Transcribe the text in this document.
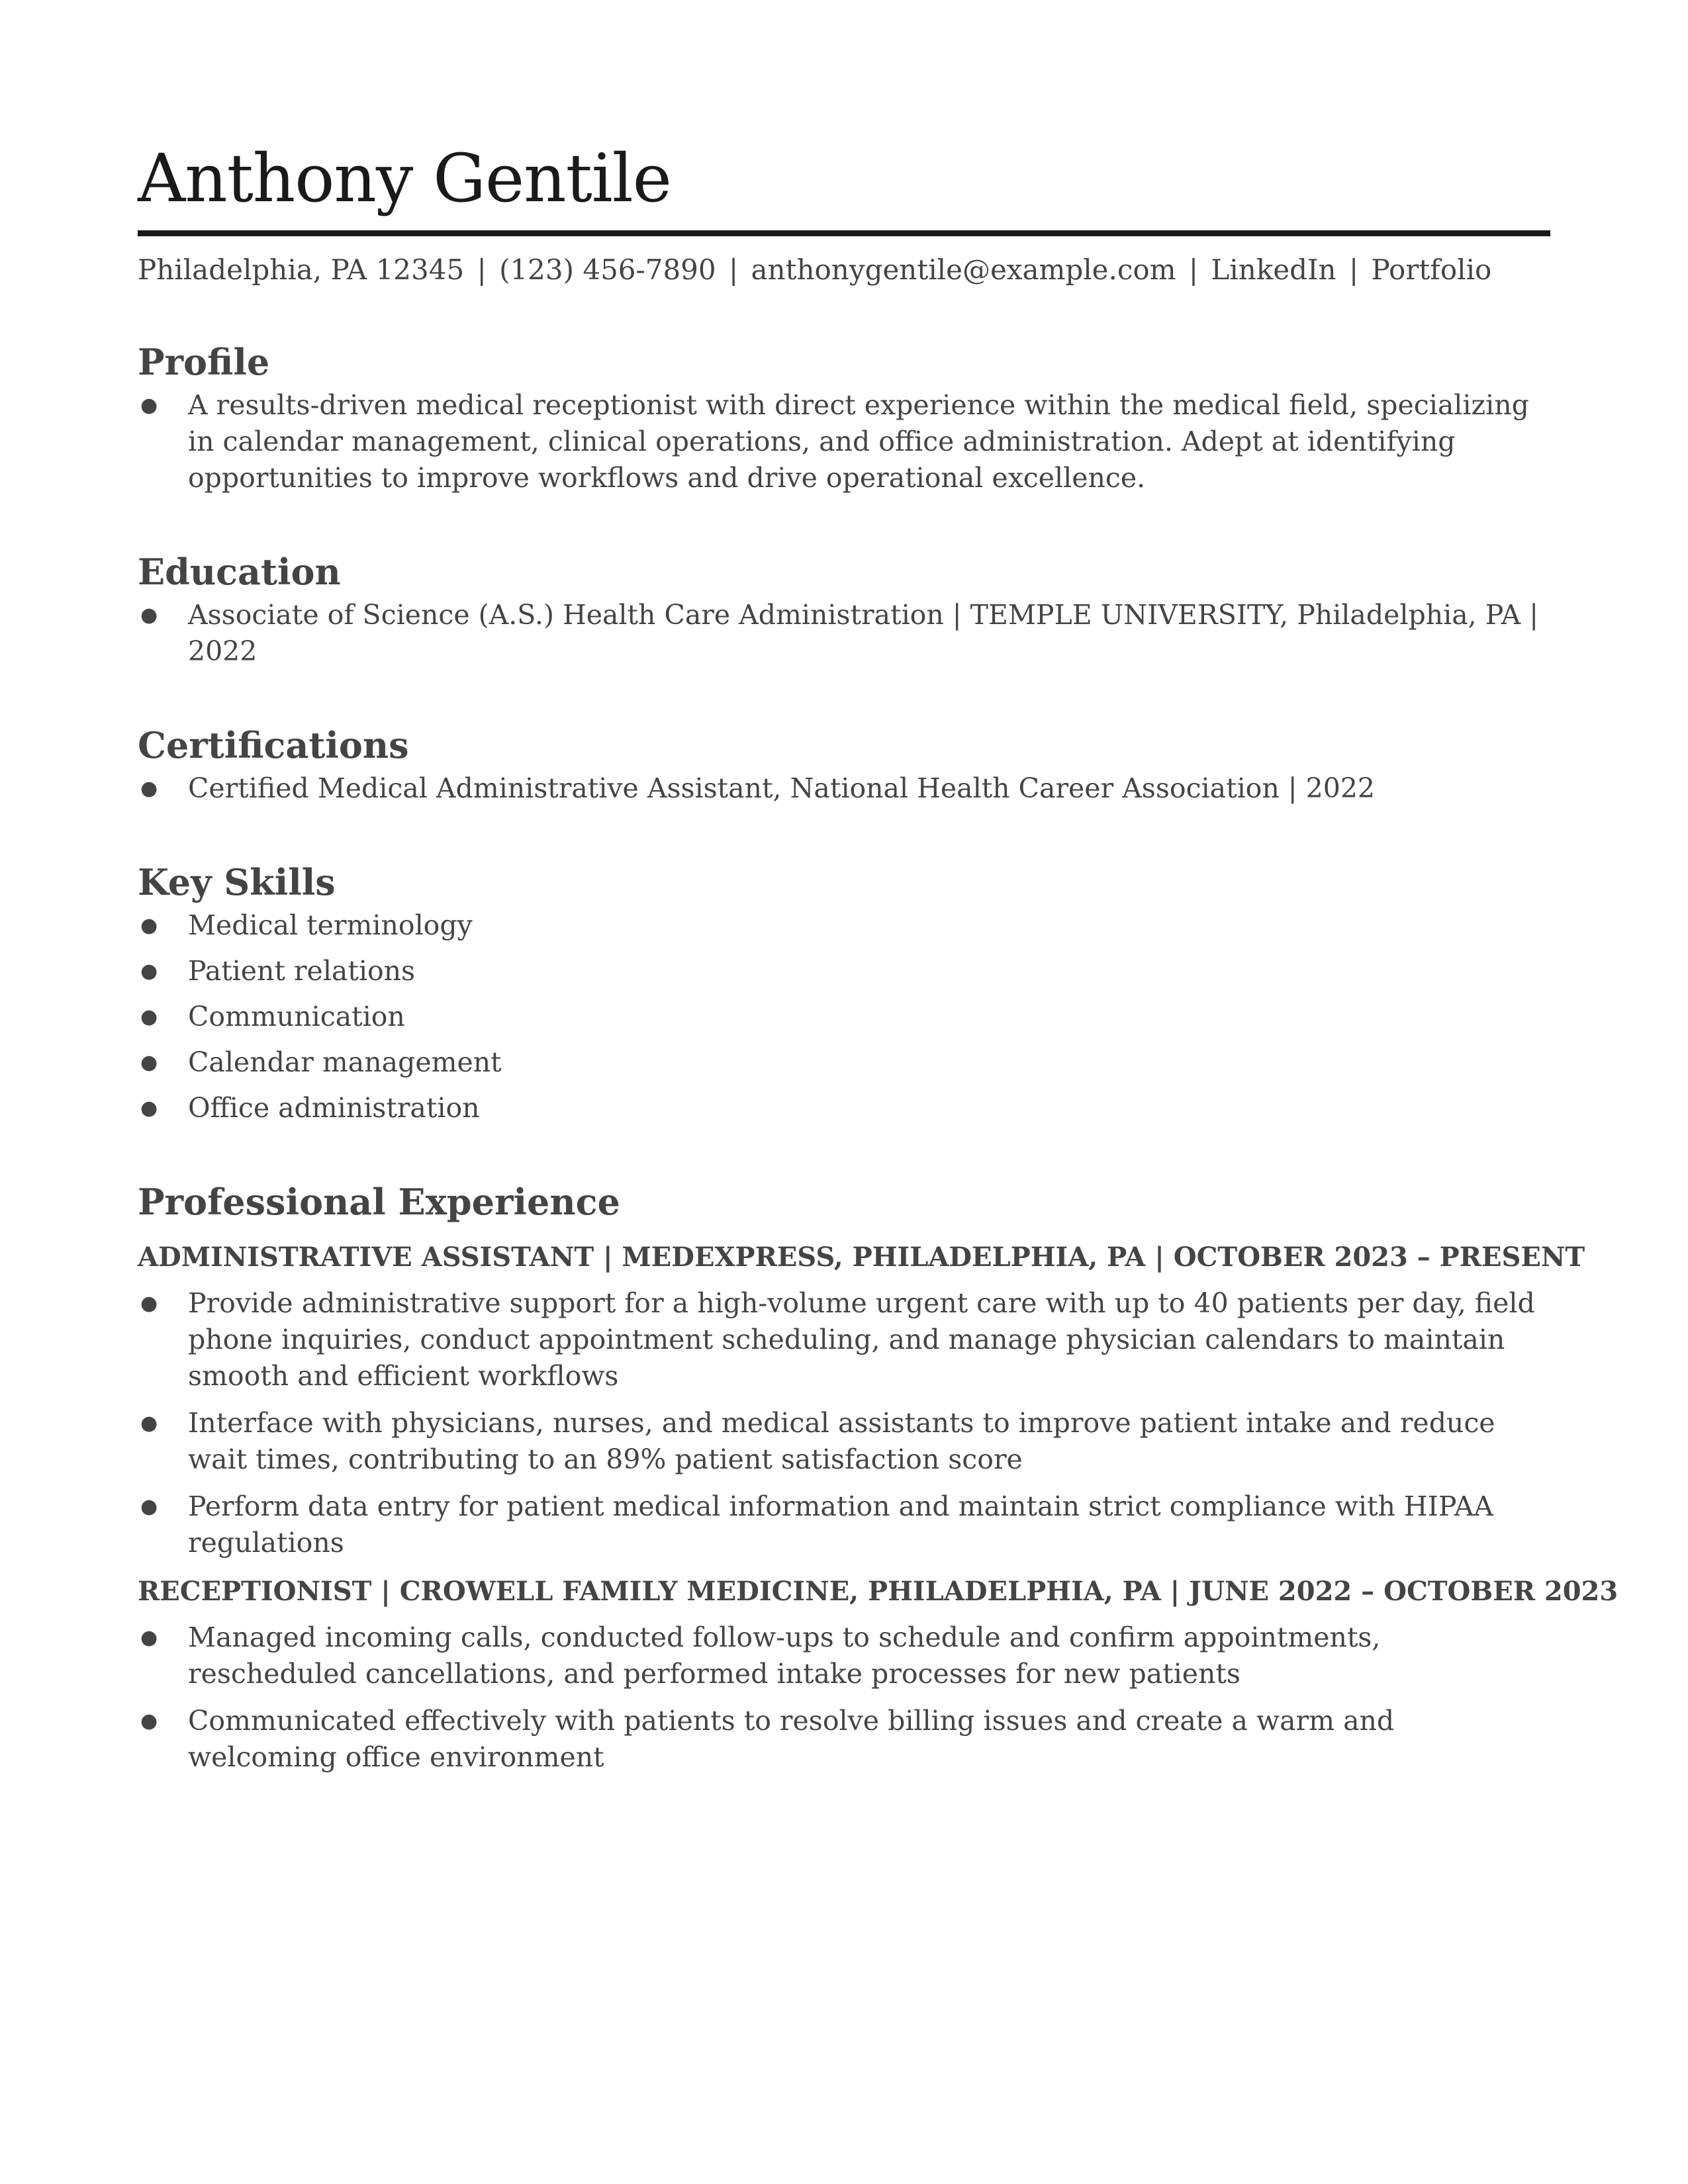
Anthony Gentile
Philadelphia, PA 12345 | (123) 456-7890 | anthonygentile@example.com | LinkedIn | Portfolio
Profile
● A results-driven medical receptionist with direct experience within the medical field, specializing in calendar management, clinical operations, and office administration. Adept at identifying opportunities to improve workflows and drive operational excellence.
Education
● Associate of Science (A.S.) Health Care Administration | TEMPLE UNIVERSITY, Philadelphia, PA | 2022
Certifications
● Certified Medical Administrative Assistant, National Health Career Association | 2022
Key Skills
● Medical terminology
● Patient relations
● Communication
● Calendar management
● Office administration
Professional Experience
ADMINISTRATIVE ASSISTANT | MEDEXPRESS, PHILADELPHIA, PA | OCTOBER 2023 – PRESENT
● Provide administrative support for a high-volume urgent care with up to 40 patients per day, field phone inquiries, conduct appointment scheduling, and manage physician calendars to maintain smooth and efficient workflows
● Interface with physicians, nurses, and medical assistants to improve patient intake and reduce wait times, contributing to an 89% patient satisfaction score
● Perform data entry for patient medical information and maintain strict compliance with HIPAA regulations
RECEPTIONIST | CROWELL FAMILY MEDICINE, PHILADELPHIA, PA | JUNE 2022 – OCTOBER 2023
● Managed incoming calls, conducted follow-ups to schedule and confirm appointments, rescheduled cancellations, and performed intake processes for new patients
● Communicated effectively with patients to resolve billing issues and create a warm and welcoming office environment
